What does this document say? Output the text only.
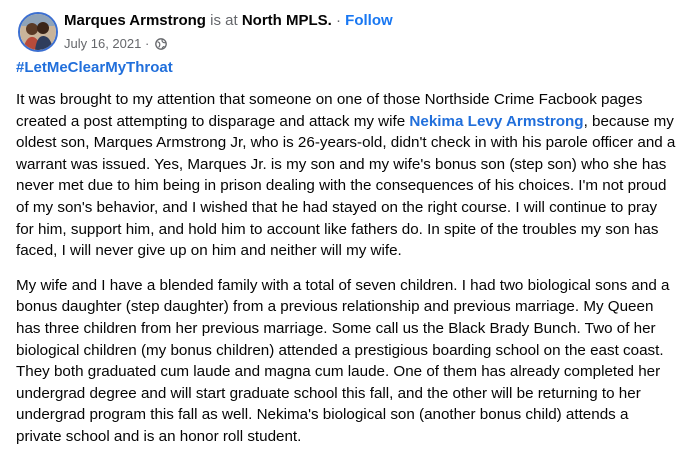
Marques Armstrong is at North MPLS. · Follow
July 16, 2021 ·
#LetMeClearMyThroat

It was brought to my attention that someone on one of those Northside Crime Facbook pages created a post attempting to disparage and attack my wife Nekima Levy Armstrong, because my oldest son, Marques Armstrong Jr, who is 26-years-old, didn't check in with his parole officer and a warrant was issued. Yes, Marques Jr. is my son and my wife's bonus son (step son) who she has never met due to him being in prison dealing with the consequences of his choices. I'm not proud of my son's behavior, and I wished that he had stayed on the right course. I will continue to pray for him, support him, and hold him to account like fathers do. In spite of the troubles my son has faced, I will never give up on him and neither will my wife.

My wife and I have a blended family with a total of seven children. I had two biological sons and a bonus daughter (step daughter) from a previous relationship and previous marriage. My Queen has three children from her previous marriage. Some call us the Black Brady Bunch. Two of her biological children (my bonus children) attended a prestigious boarding school on the east coast. They both graduated cum laude and magna cum laude. One of them has already completed her undergrad degree and will start graduate school this fall, and the other will be returning to her undergrad program this fall as well. Nekima's biological son (another bonus child) attends a private school and is an honor roll student.
